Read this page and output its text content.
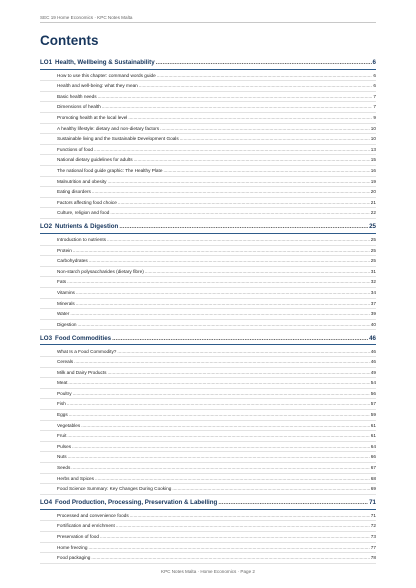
SEC 19 Home Economics · KPC Notes Malta
Contents
LO1 Health, Wellbeing & Sustainability .....	6
How to use this chapter: command words guide .....	6
Health and well-being: what they mean .....	6
Basic health needs .....	7
Dimensions of health .....	7
Promoting health at the local level .....	9
A healthy lifestyle: dietary and non-dietary factors .....	10
Sustainable living and the Sustainable Development Goals .....	10
Functions of food .....	13
National dietary guidelines for adults .....	15
The national food guide graphic: The Healthy Plate .....	16
Malnutrition and obesity .....	19
Eating disorders .....	20
Factors affecting food choice .....	21
Culture, religion and food .....	22
LO2 Nutrients & Digestion .....	25
Introduction to nutrients .....	25
Protein .....	25
Carbohydrates .....	25
Non-starch polysaccharides (dietary fibre) .....	31
Fats .....	32
Vitamins .....	34
Minerals .....	37
Water .....	39
Digestion .....	40
LO3 Food Commodities .....	46
What Is a Food Commodity? .....	46
Cereals .....	46
Milk and Dairy Products .....	49
Meat .....	54
Poultry .....	56
Fish .....	57
Eggs .....	59
Vegetables .....	61
Fruit .....	61
Pulses .....	64
Nuts .....	66
Seeds .....	67
Herbs and Spices .....	68
Food Science Summary: Key Changes During Cooking .....	69
LO4 Food Production, Processing, Preservation & Labelling .....	71
Processed and convenience foods .....	71
Fortification and enrichment .....	72
Preservation of food .....	73
Home freezing .....	77
Food packaging .....	78
KPC Notes Malta · Home Economics · Page 2
